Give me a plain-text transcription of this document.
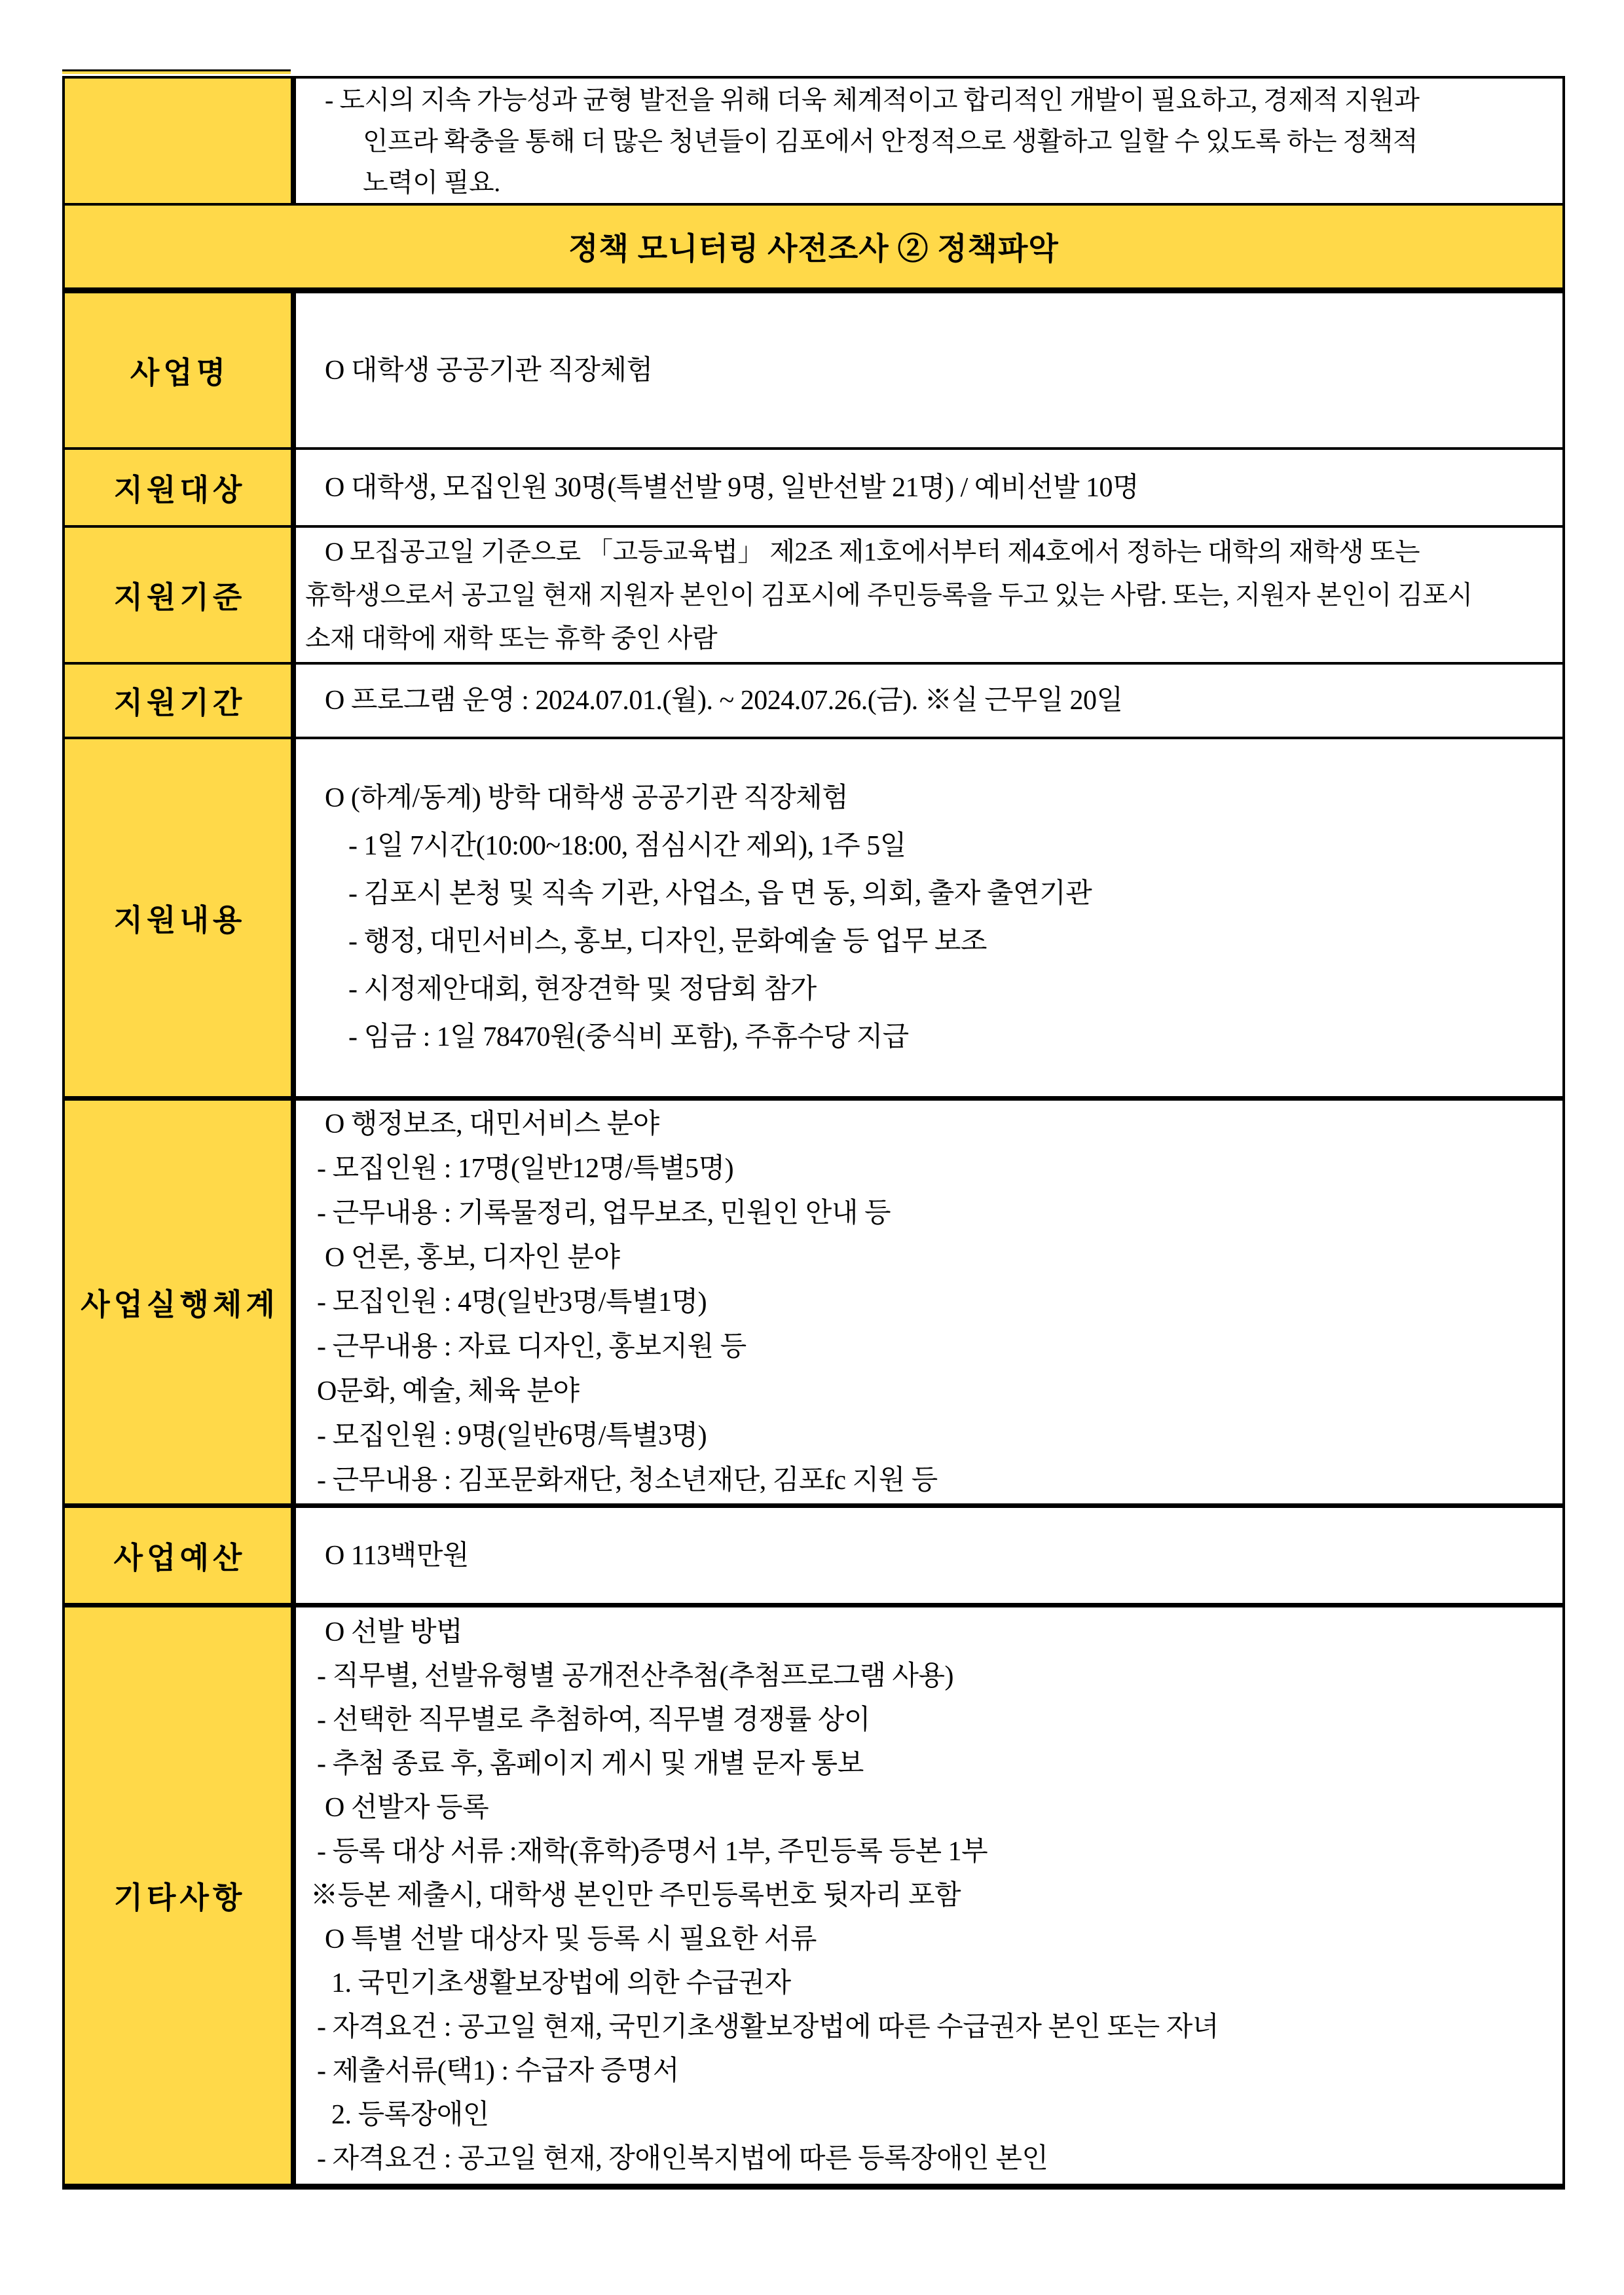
- 도시의 지속 가능성과 균형 발전을 위해 더욱 체계적이고 합리적인 개발이 필요하고, 경제적 지원과
인프라 확충을 통해 더 많은 청년들이 김포에서 안정적으로 생활하고 일할 수 있도록 하는 정책적
노력이 필요.
정책 모니터링 사전조사 ② 정책파악
사업명	O 대학생 공공기관 직장체험
지원대상	O 대학생, 모집인원 30명(특별선발 9명, 일반선발 21명) / 예비선발 10명
지원기준
O 모집공고일 기준으로 「고등교육법」 제2조 제1호에서부터 제4호에서 정하는 대학의 재학생 또는
휴학생으로서 공고일 현재 지원자 본인이 김포시에 주민등록을 두고 있는 사람. 또는, 지원자 본인이 김포시
소재 대학에 재학 또는 휴학 중인 사람
지원기간	O 프로그램 운영 : 2024.07.01.(월). ~ 2024.07.26.(금). ※실 근무일 20일
지원내용
O (하계/동계) 방학 대학생 공공기관 직장체험
- 1일 7시간(10:00~18:00, 점심시간 제외), 1주 5일
- 김포시 본청 및 직속 기관, 사업소, 읍 면 동, 의회, 출자 출연기관
- 행정, 대민서비스, 홍보, 디자인, 문화예술 등 업무 보조
- 시정제안대회, 현장견학 및 정담회 참가
- 임금 : 1일 78470원(중식비 포함), 주휴수당 지급
사업실행체계
O 행정보조, 대민서비스 분야
- 모집인원 : 17명(일반12명/특별5명)
- 근무내용 : 기록물정리, 업무보조, 민원인 안내 등
O 언론, 홍보, 디자인 분야
- 모집인원 : 4명(일반3명/특별1명)
- 근무내용 : 자료 디자인, 홍보지원 등
O문화, 예술, 체육 분야
- 모집인원 : 9명(일반6명/특별3명)
- 근무내용 : 김포문화재단, 청소년재단, 김포fc 지원 등
사업예산	O 113백만원
기타사항
O 선발 방법
- 직무별, 선발유형별 공개전산추첨(추첨프로그램 사용)
- 선택한 직무별로 추첨하여, 직무별 경쟁률 상이
- 추첨 종료 후, 홈페이지 게시 및 개별 문자 통보
O 선발자 등록
- 등록 대상 서류 :재학(휴학)증명서 1부, 주민등록 등본 1부
※등본 제출시, 대학생 본인만 주민등록번호 뒷자리 포함
O 특별 선발 대상자 및 등록 시 필요한 서류
1. 국민기초생활보장법에 의한 수급권자
- 자격요건 : 공고일 현재, 국민기초생활보장법에 따른 수급권자 본인 또는 자녀
- 제출서류(택1) : 수급자 증명서
2. 등록장애인
- 자격요건 : 공고일 현재, 장애인복지법에 따른 등록장애인 본인
